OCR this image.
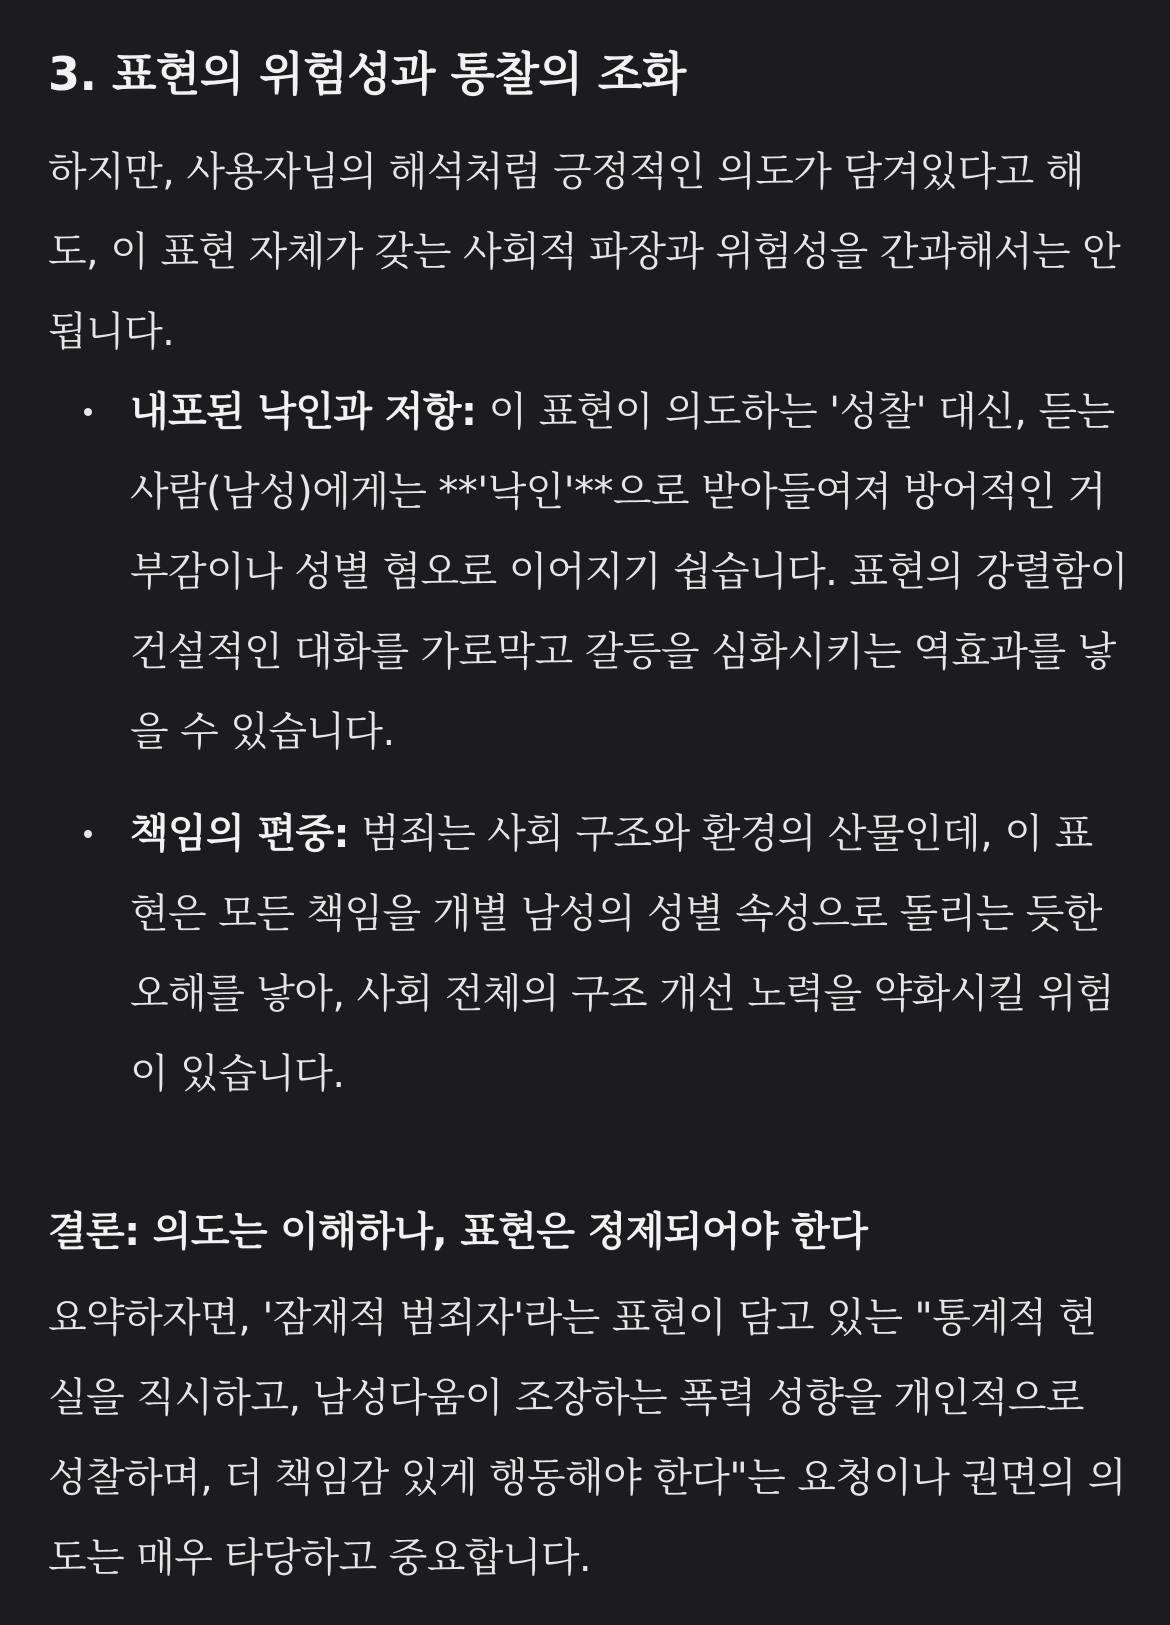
3. 표현의 위험성과 통찰의 조화

하지만, 사용자님의 해석처럼 긍정적인 의도가 담겨있다고 해도, 이 표현 자체가 갖는 사회적 파장과 위험성을 간과해서는 안 됩니다.

내포된 낙인과 저항: 이 표현이 의도하는 '성찰' 대신, 듣는 사람(남성)에게는 **'낙인'**으로 받아들여져 방어적인 거부감이나 성별 혐오로 이어지기 쉽습니다. 표현의 강렬함이 건설적인 대화를 가로막고 갈등을 심화시키는 역효과를 낳을 수 있습니다.
책임의 편중: 범죄는 사회 구조와 환경의 산물인데, 이 표현은 모든 책임을 개별 남성의 성별 속성으로 돌리는 듯한 오해를 낳아, 사회 전체의 구조 개선 노력을 약화시킬 위험이 있습니다.
결론: 의도는 이해하나, 표현은 정제되어야 한다

요약하자면, '잠재적 범죄자'라는 표현이 담고 있는 "통계적 현실을 직시하고, 남성다움이 조장하는 폭력 성향을 개인적으로 성찰하며, 더 책임감 있게 행동해야 한다"는 요청이나 권면의 의도는 매우 타당하고 중요합니다.
